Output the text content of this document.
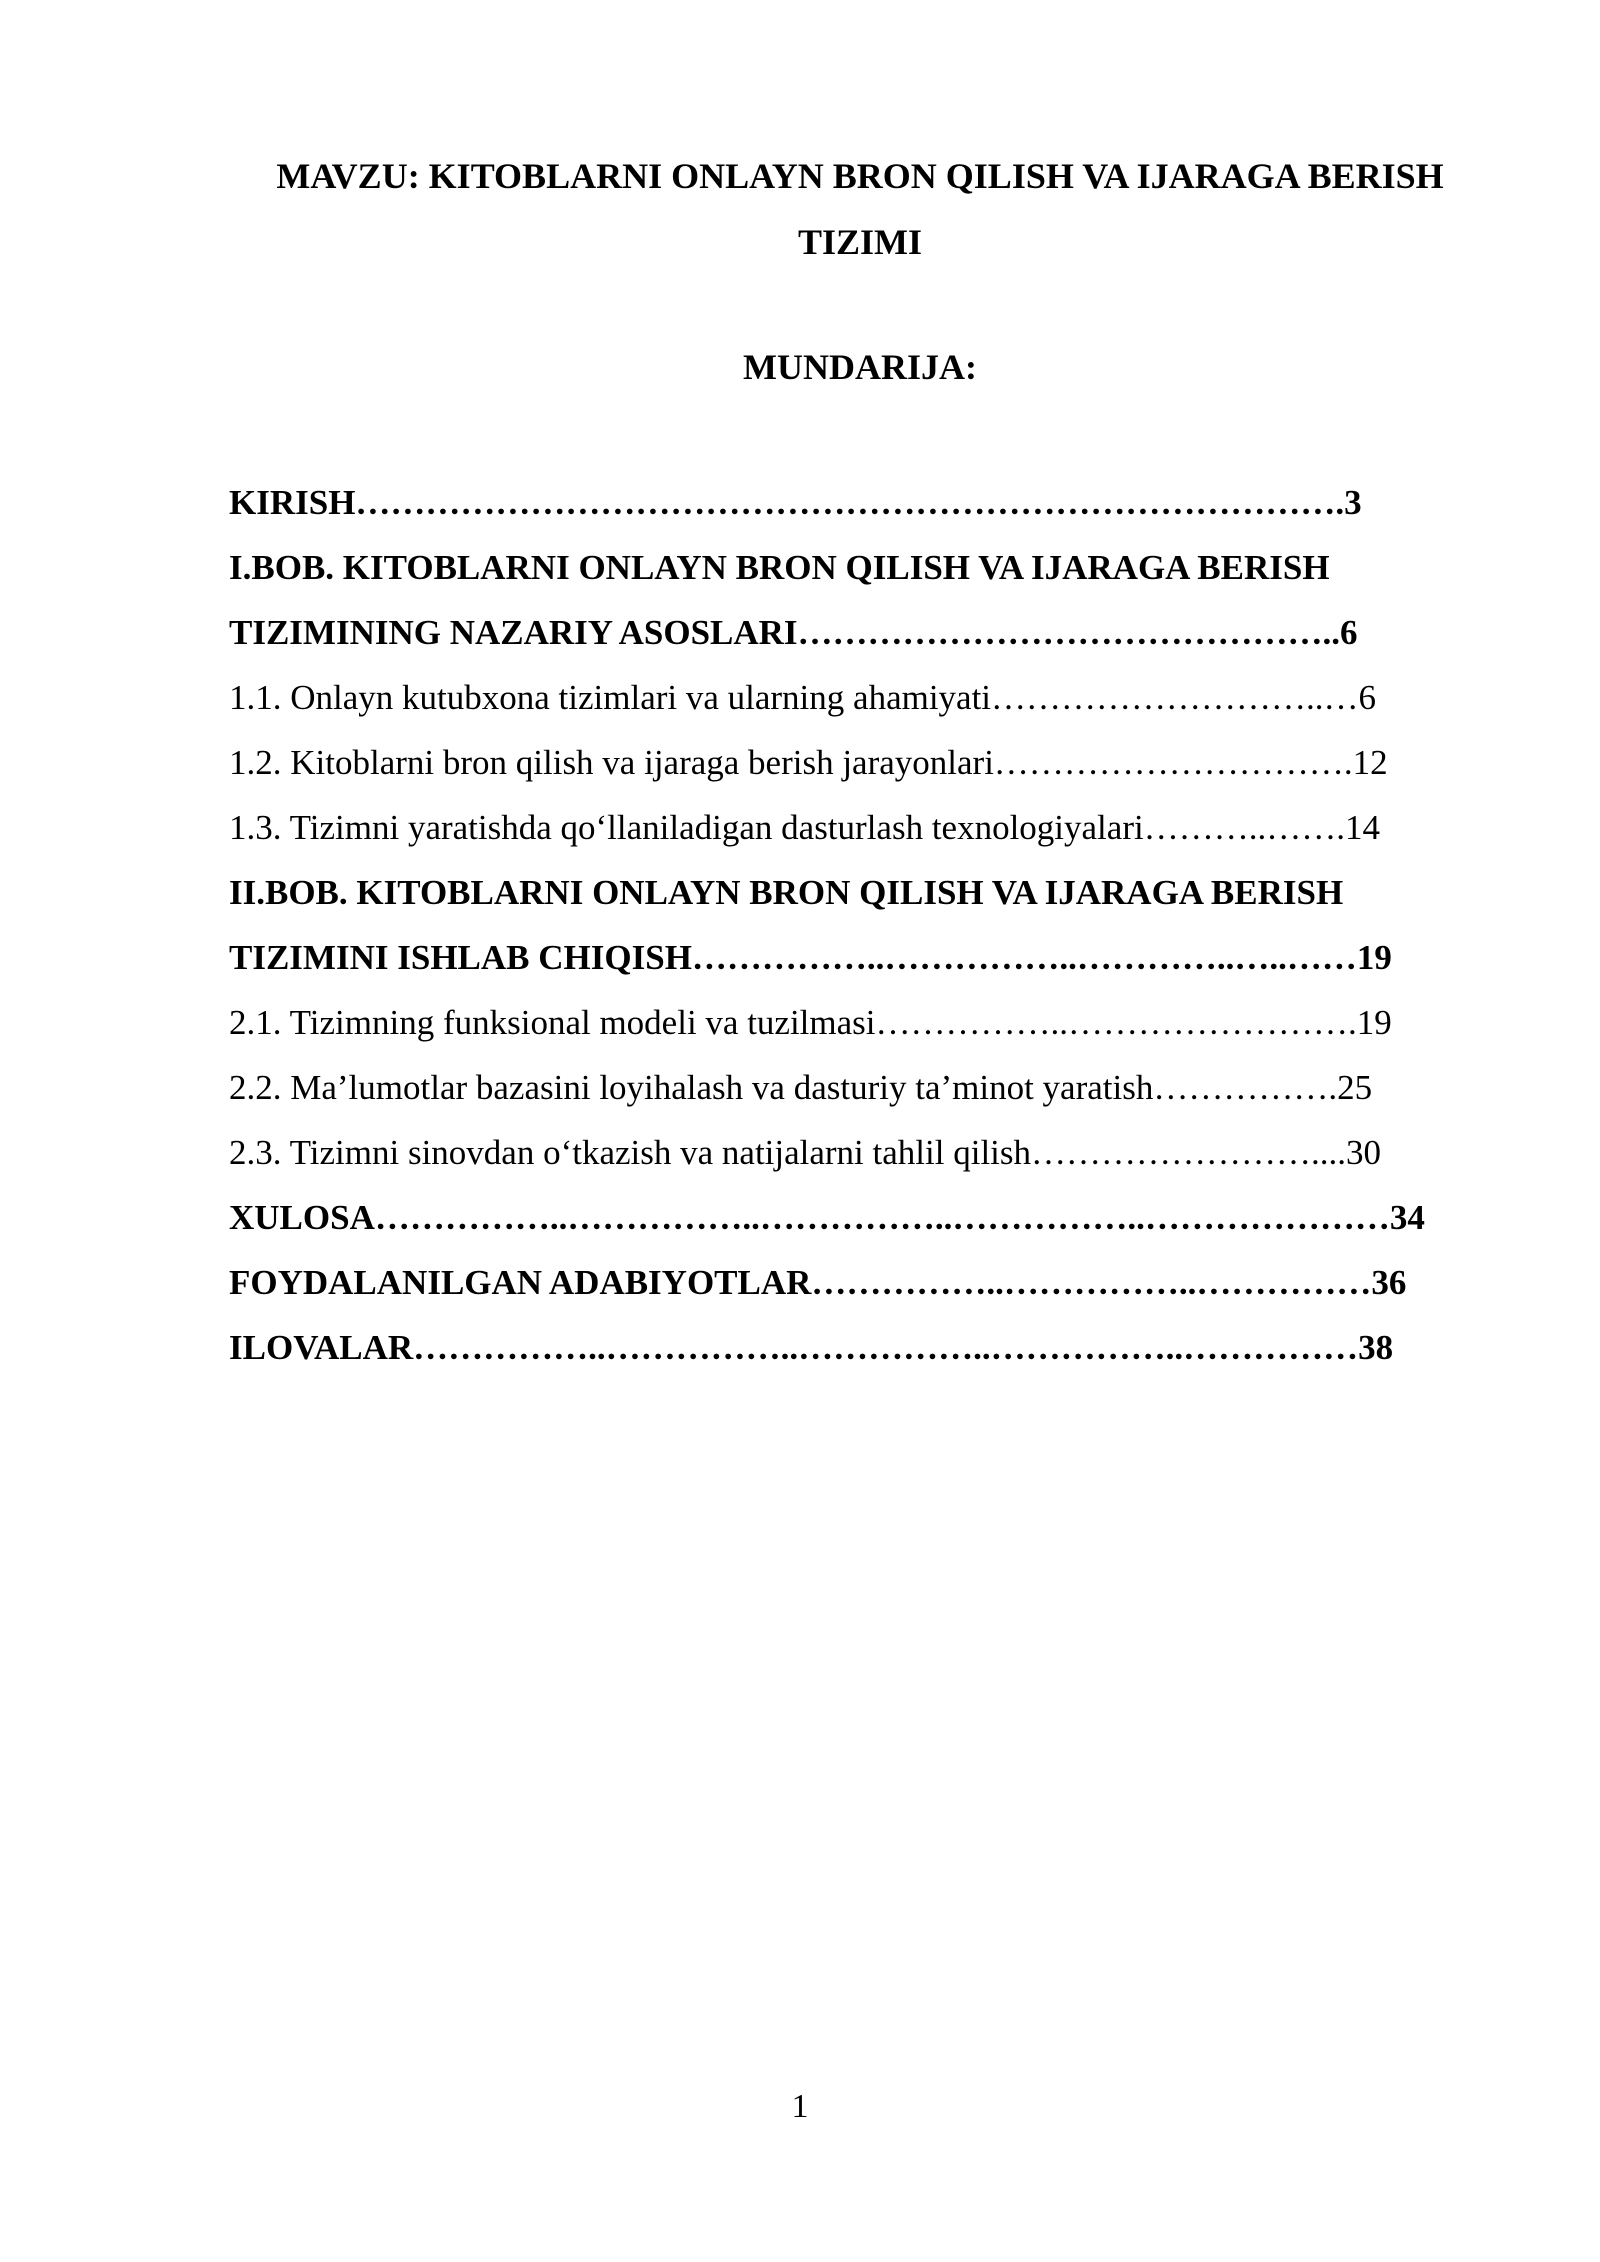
MAVZU: KITOBLARNI ONLAYN BRON QILISH VA IJARAGA BERISH
TIZIMI
MUNDARIJA:
KIRISH………………………………………………………………………….3
I.BOB. KITOBLARNI ONLAYN BRON QILISH VA IJARAGA BERISH
TIZIMINING NAZARIY ASOSLARI………………………………………..6
1.1. Onlayn kutubxona tizimlari va ularning ahamiyati………………………..…6
1.2. Kitoblarni bron qilish va ijaraga berish jarayonlari………………………….12
1.3. Tizimni yaratishda qo‘llaniladigan dasturlash texnologiyalari………..…….14
II.BOB. KITOBLARNI ONLAYN BRON QILISH VA IJARAGA BERISH
TIZIMINI ISHLAB CHIQISH……………..……………..…………..…..……19
2.1. Tizimning funksional modeli va tuzilmasi……………..…………………….19
2.2. Ma’lumotlar bazasini loyihalash va dasturiy ta’minot yaratish…………….25
2.3. Tizimni sinovdan o‘tkazish va natijalarni tahlil qilish……………………....30
XULOSA……………..……………..……………..……………..…………………34
FOYDALANILGAN ADABIYOTLAR……………..……………..……………36
ILOVALAR……………..……………..……………..……………..……………38
1
